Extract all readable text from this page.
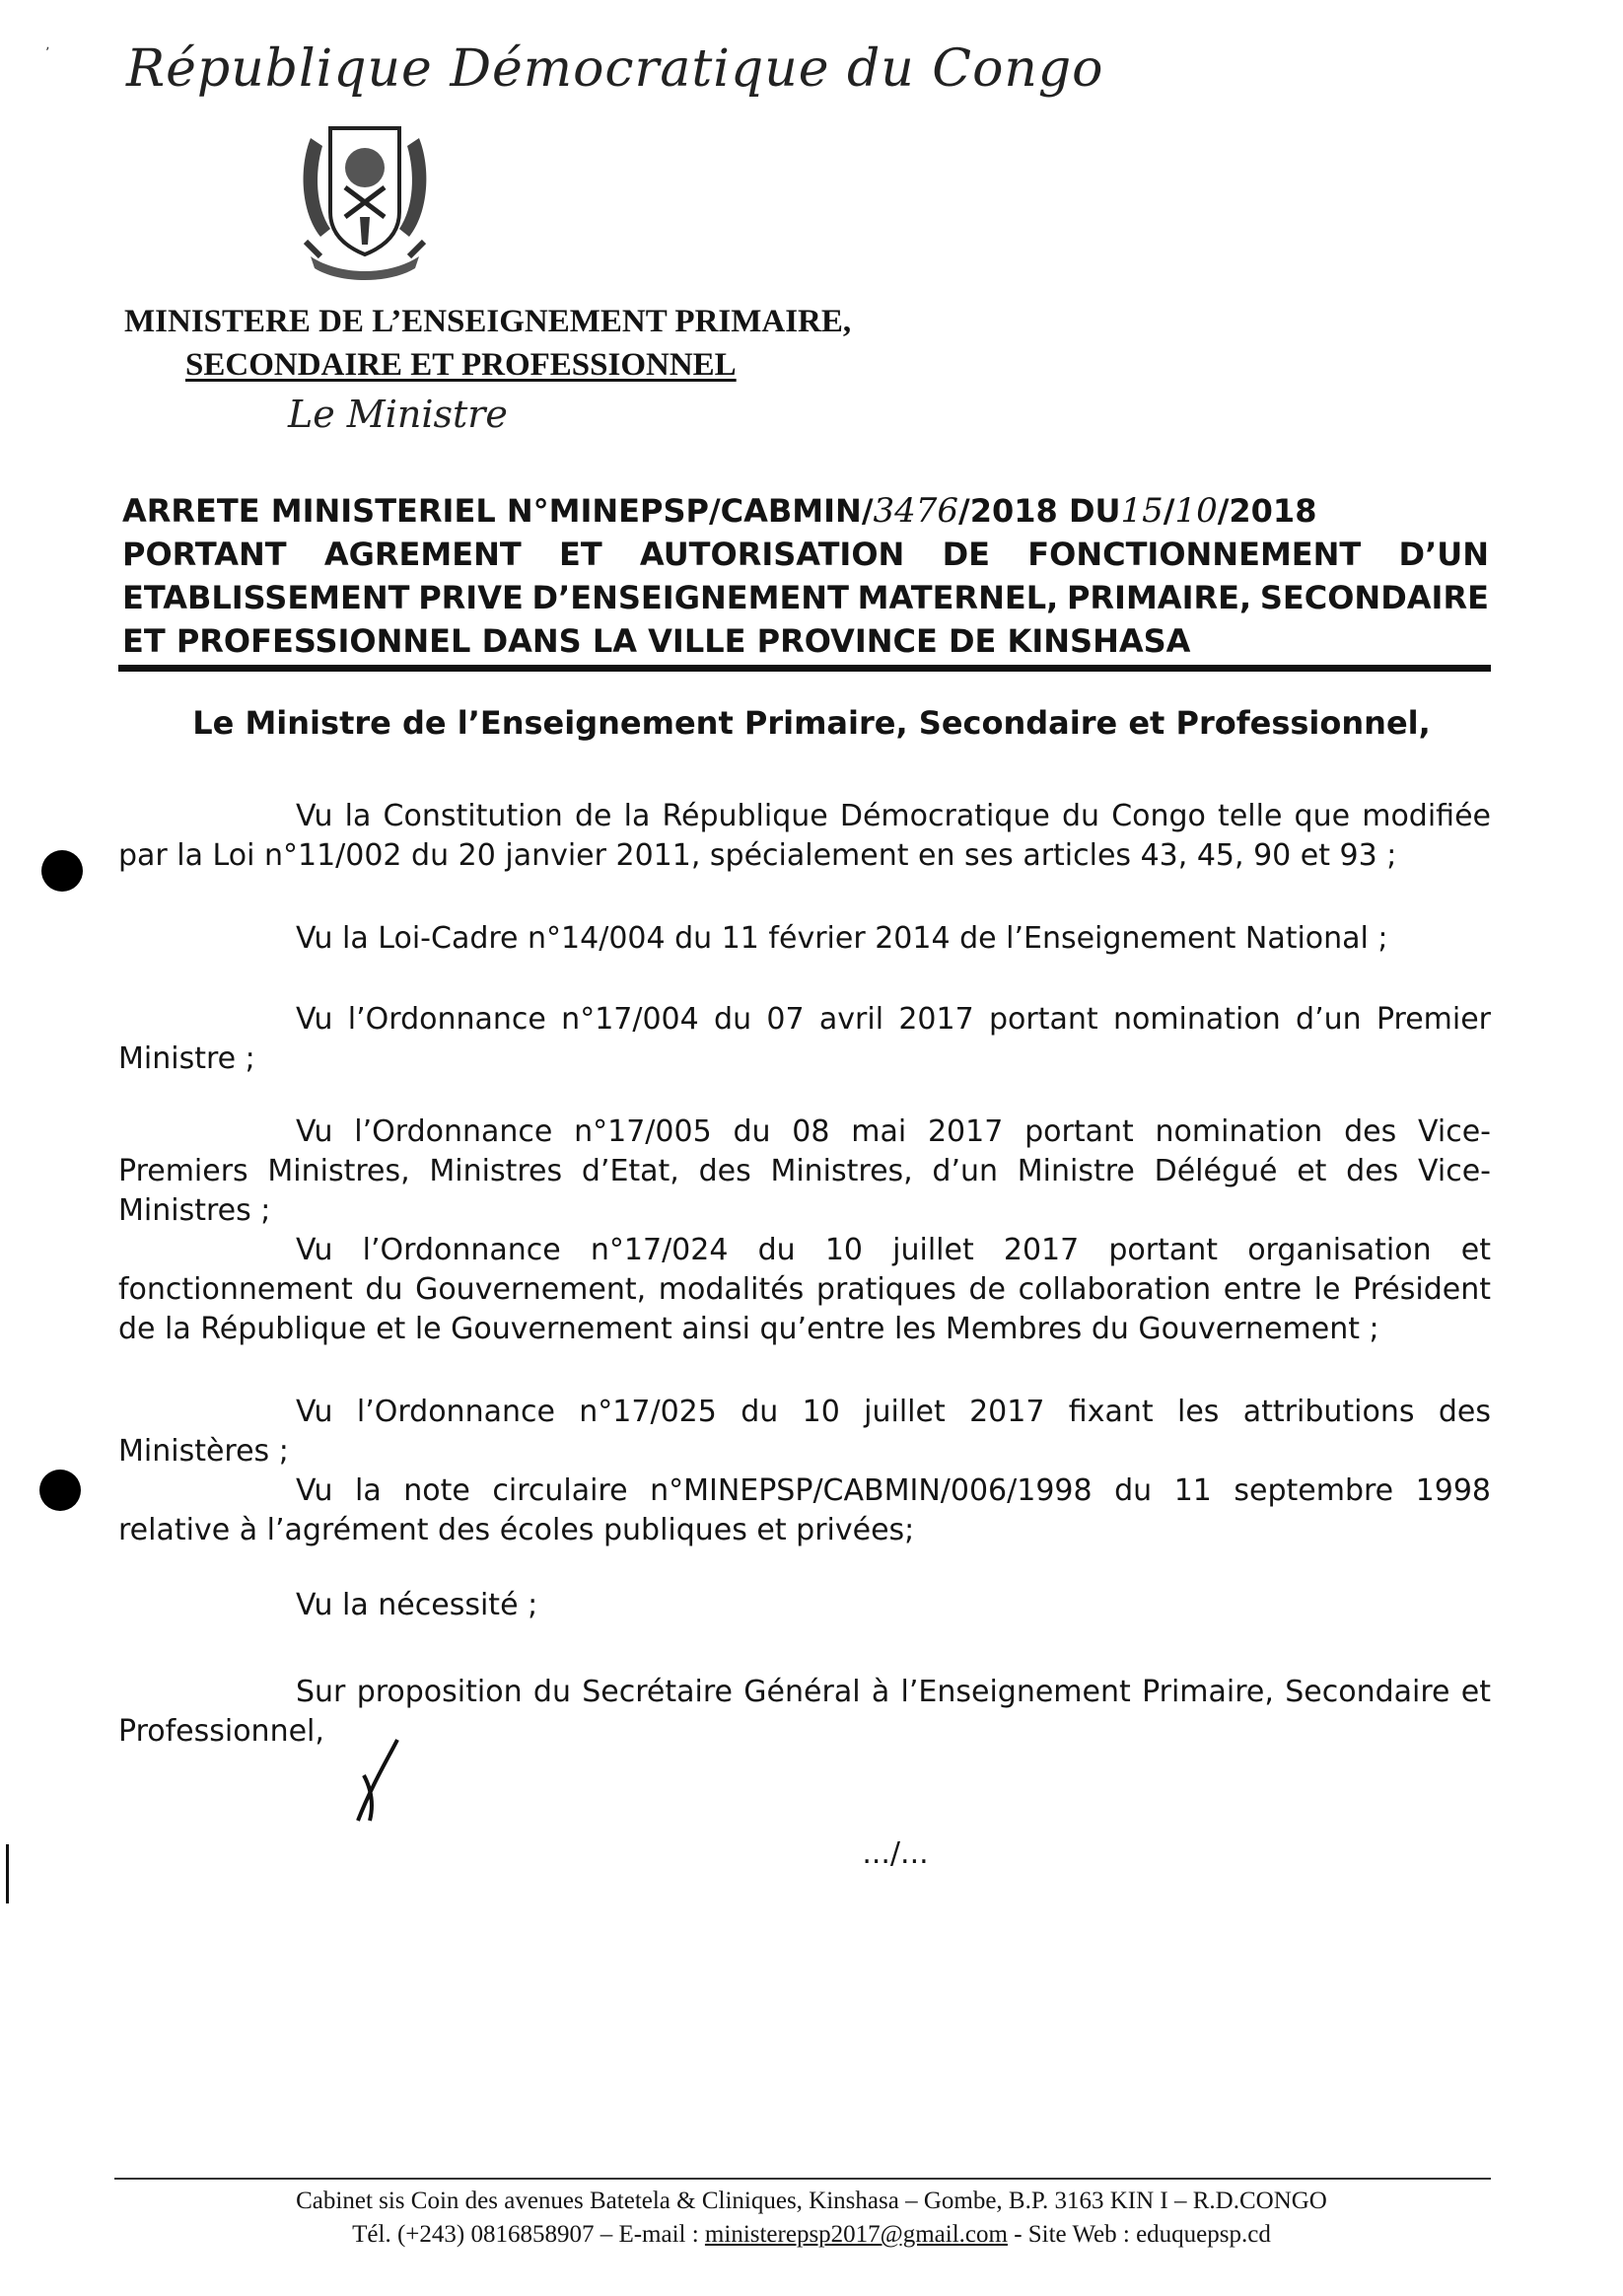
ʼ République Démocratique du Congo
MINISTERE DE L’ENSEIGNEMENT PRIMAIRE,
SECONDAIRE ET PROFESSIONNEL
Le Ministre
ARRETE MINISTERIEL N°MINEPSP/CABMIN/3476/2018 DU15/10/2018
PORTANT AGREMENT ET AUTORISATION DE FONCTIONNEMENT D’UN
ETABLISSEMENT PRIVE D’ENSEIGNEMENT MATERNEL, PRIMAIRE, SECONDAIRE
ET PROFESSIONNEL DANS LA VILLE PROVINCE DE KINSHASA
Le Ministre de l’Enseignement Primaire, Secondaire et Professionnel,
Vu la Constitution de la République Démocratique du Congo telle que modifiée par la Loi n°11/002 du 20 janvier 2011, spécialement en ses articles 43, 45, 90 et 93 ;
Vu la Loi-Cadre n°14/004 du 11 février 2014 de l’Enseignement National ;
Vu l’Ordonnance n°17/004 du 07 avril 2017 portant nomination d’un Premier Ministre ;
Vu l’Ordonnance n°17/005 du 08 mai 2017 portant nomination des Vice-Premiers Ministres, Ministres d’Etat, des Ministres, d’un Ministre Délégué et des Vice-Ministres ;
Vu l’Ordonnance n°17/024 du 10 juillet 2017 portant organisation et fonctionnement du Gouvernement, modalités pratiques de collaboration entre le Président de la République et le Gouvernement ainsi qu’entre les Membres du Gouvernement ;
Vu l’Ordonnance n°17/025 du 10 juillet 2017 fixant les attributions des Ministères ;
Vu la note circulaire n°MINEPSP/CABMIN/006/1998 du 11 septembre 1998 relative à l’agrément des écoles publiques et privées;
Vu la nécessité ;
Sur proposition du Secrétaire Général à l’Enseignement Primaire, Secondaire et Professionnel,
.../...
Cabinet sis Coin des avenues Batetela & Cliniques, Kinshasa – Gombe, B.P. 3163 KIN I – R.D.CONGO
Tél. (+243) 0816858907 – E-mail : ministerepsp2017@gmail.com - Site Web : eduquepsp.cd
